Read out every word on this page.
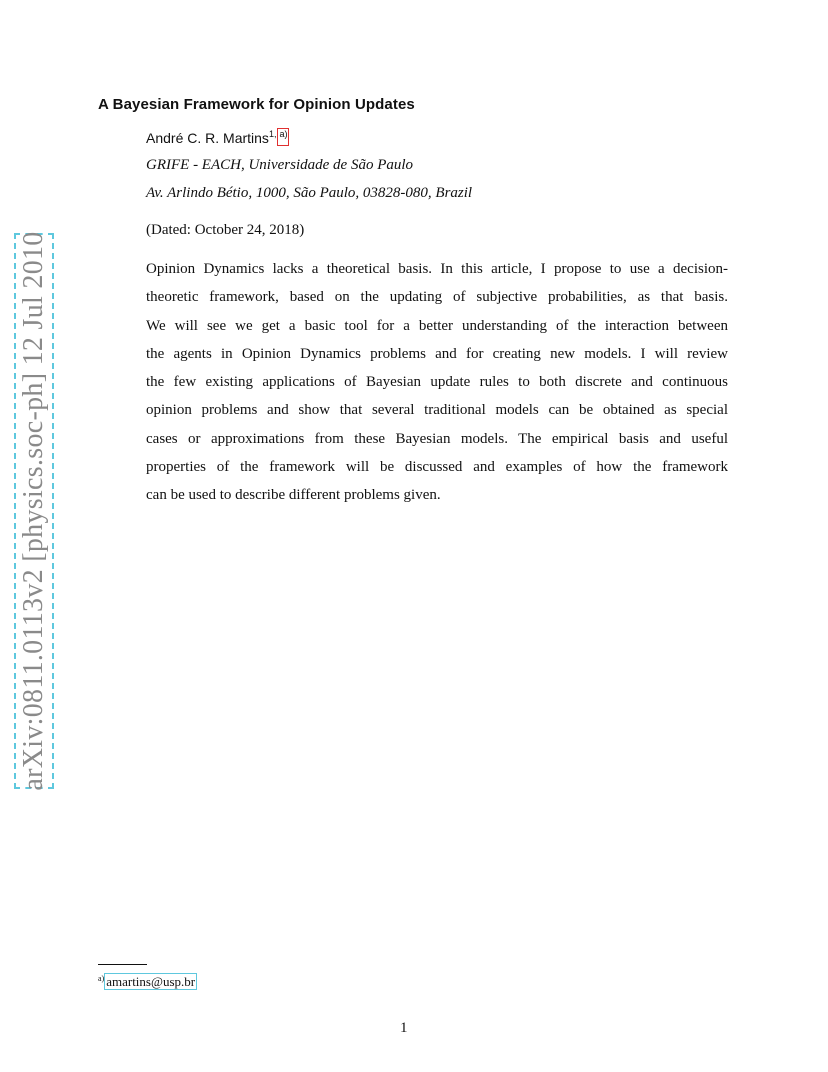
arXiv:0811.0113v2 [physics.soc-ph] 12 Jul 2010
A Bayesian Framework for Opinion Updates
André C. R. Martins$^{1,}$ a)
GRIFE - EACH, Universidade de São Paulo
Av. Arlindo Bétio, 1000, São Paulo, 03828-080, Brazil
(Dated: October 24, 2018)
Opinion Dynamics lacks a theoretical basis. In this article, I propose to use a decision-
theoretic framework, based on the updating of subjective probabilities, as that basis.
We will see we get a basic tool for a better understanding of the interaction between
the agents in Opinion Dynamics problems and for creating new models. I will review
the few existing applications of Bayesian update rules to both discrete and continuous
opinion problems and show that several traditional models can be obtained as special
cases or approximations from these Bayesian models. The empirical basis and useful
properties of the framework will be discussed and examples of how the framework
can be used to describe different problems given.
$^{a)}$ amartins@usp.br
1
